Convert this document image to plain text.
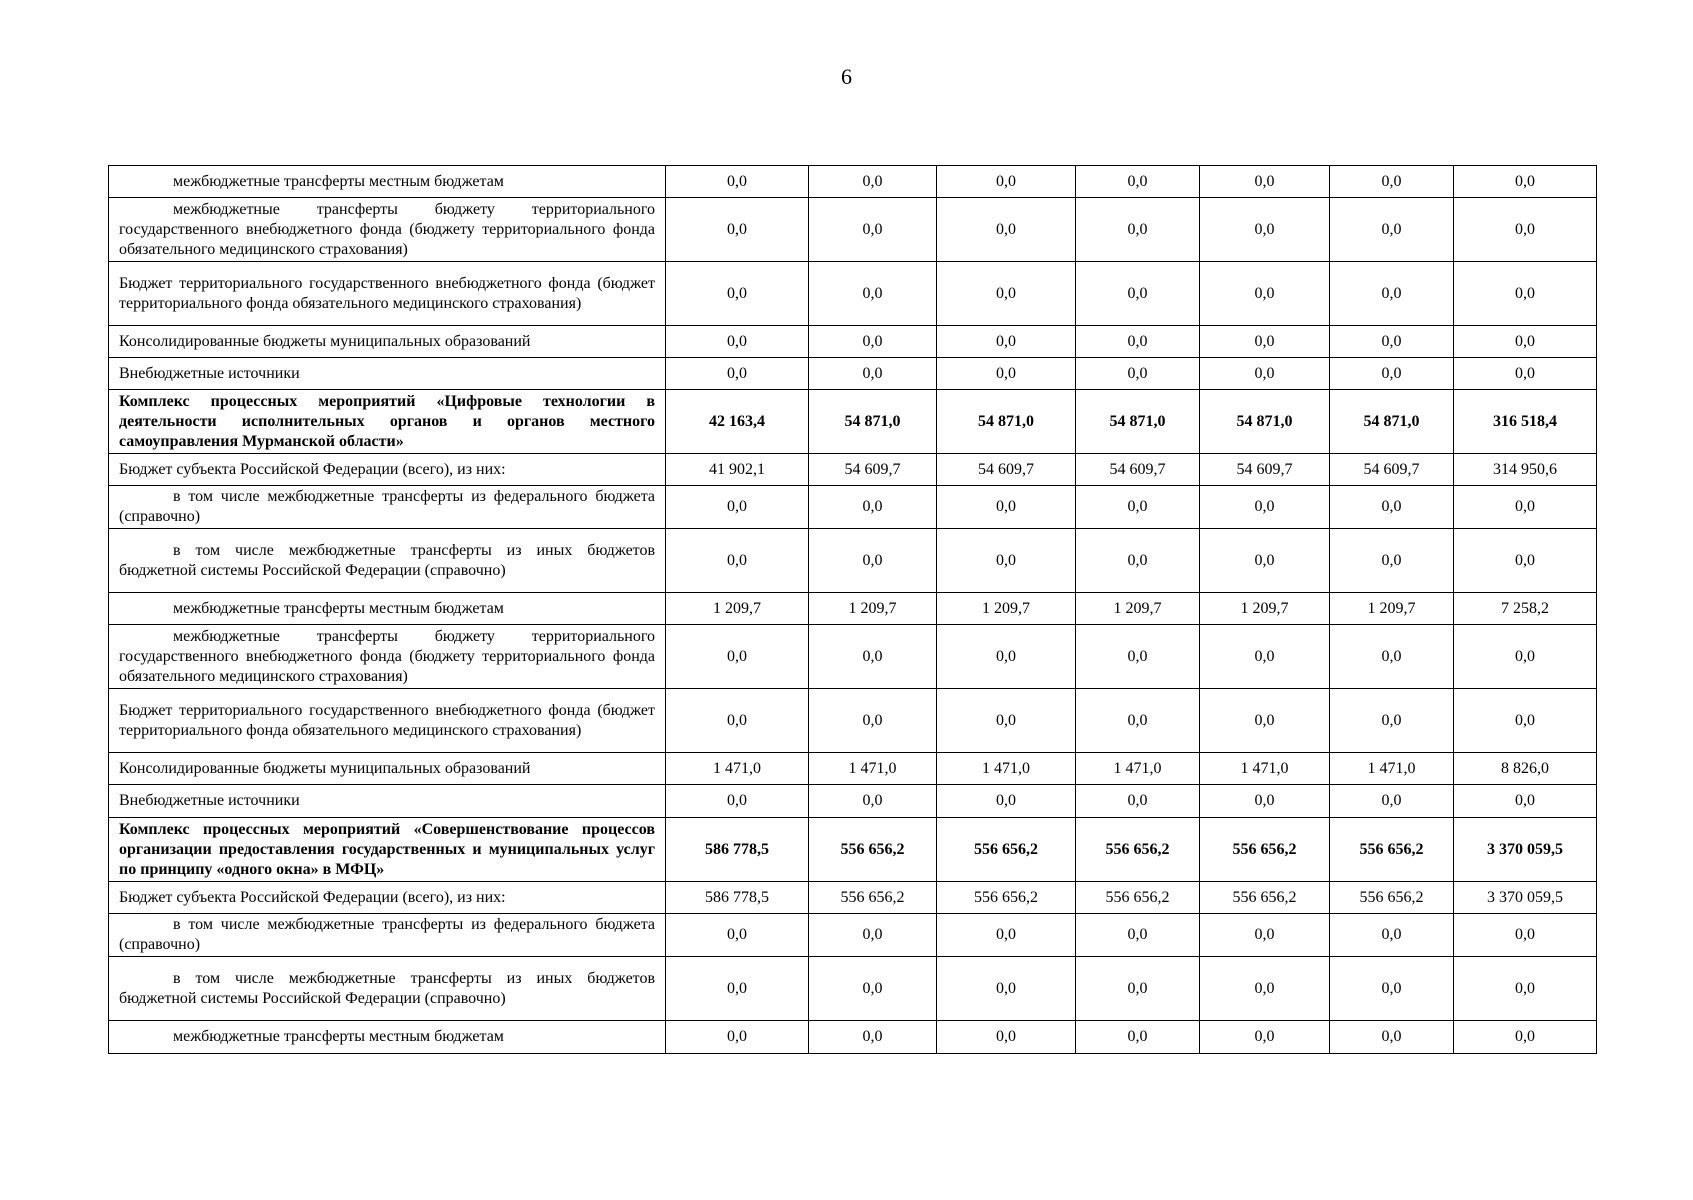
6
межбюджетные трансферты местным бюджетам	0,0	0,0	0,0	0,0	0,0	0,0	0,0
межбюджетные трансферты бюджету территориального государственного внебюджетного фонда (бюджету территориального фонда обязательного медицинского страхования)	0,0	0,0	0,0	0,0	0,0	0,0	0,0
Бюджет территориального государственного внебюджетного фонда (бюджет территориального фонда обязательного медицинского страхования)	0,0	0,0	0,0	0,0	0,0	0,0	0,0
Консолидированные бюджеты муниципальных образований	0,0	0,0	0,0	0,0	0,0	0,0	0,0
Внебюджетные источники	0,0	0,0	0,0	0,0	0,0	0,0	0,0
Комплекс процессных мероприятий «Цифровые технологии в деятельности исполнительных органов и органов местного самоуправления Мурманской области»	42 163,4	54 871,0	54 871,0	54 871,0	54 871,0	54 871,0	316 518,4
Бюджет субъекта Российской Федерации (всего), из них:	41 902,1	54 609,7	54 609,7	54 609,7	54 609,7	54 609,7	314 950,6
в том числе межбюджетные трансферты из федерального бюджета (справочно)	0,0	0,0	0,0	0,0	0,0	0,0	0,0
в том числе межбюджетные трансферты из иных бюджетов бюджетной системы Российской Федерации (справочно)	0,0	0,0	0,0	0,0	0,0	0,0	0,0
межбюджетные трансферты местным бюджетам	1 209,7	1 209,7	1 209,7	1 209,7	1 209,7	1 209,7	7 258,2
межбюджетные трансферты бюджету территориального государственного внебюджетного фонда (бюджету территориального фонда обязательного медицинского страхования)	0,0	0,0	0,0	0,0	0,0	0,0	0,0
Бюджет территориального государственного внебюджетного фонда (бюджет территориального фонда обязательного медицинского страхования)	0,0	0,0	0,0	0,0	0,0	0,0	0,0
Консолидированные бюджеты муниципальных образований	1 471,0	1 471,0	1 471,0	1 471,0	1 471,0	1 471,0	8 826,0
Внебюджетные источники	0,0	0,0	0,0	0,0	0,0	0,0	0,0
Комплекс процессных мероприятий «Совершенствование процессов организации предоставления государственных и муниципальных услуг по принципу «одного окна» в МФЦ»	586 778,5	556 656,2	556 656,2	556 656,2	556 656,2	556 656,2	3 370 059,5
Бюджет субъекта Российской Федерации (всего), из них:	586 778,5	556 656,2	556 656,2	556 656,2	556 656,2	556 656,2	3 370 059,5
в том числе межбюджетные трансферты из федерального бюджета (справочно)	0,0	0,0	0,0	0,0	0,0	0,0	0,0
в том числе межбюджетные трансферты из иных бюджетов бюджетной системы Российской Федерации (справочно)	0,0	0,0	0,0	0,0	0,0	0,0	0,0
межбюджетные трансферты местным бюджетам	0,0	0,0	0,0	0,0	0,0	0,0	0,0
